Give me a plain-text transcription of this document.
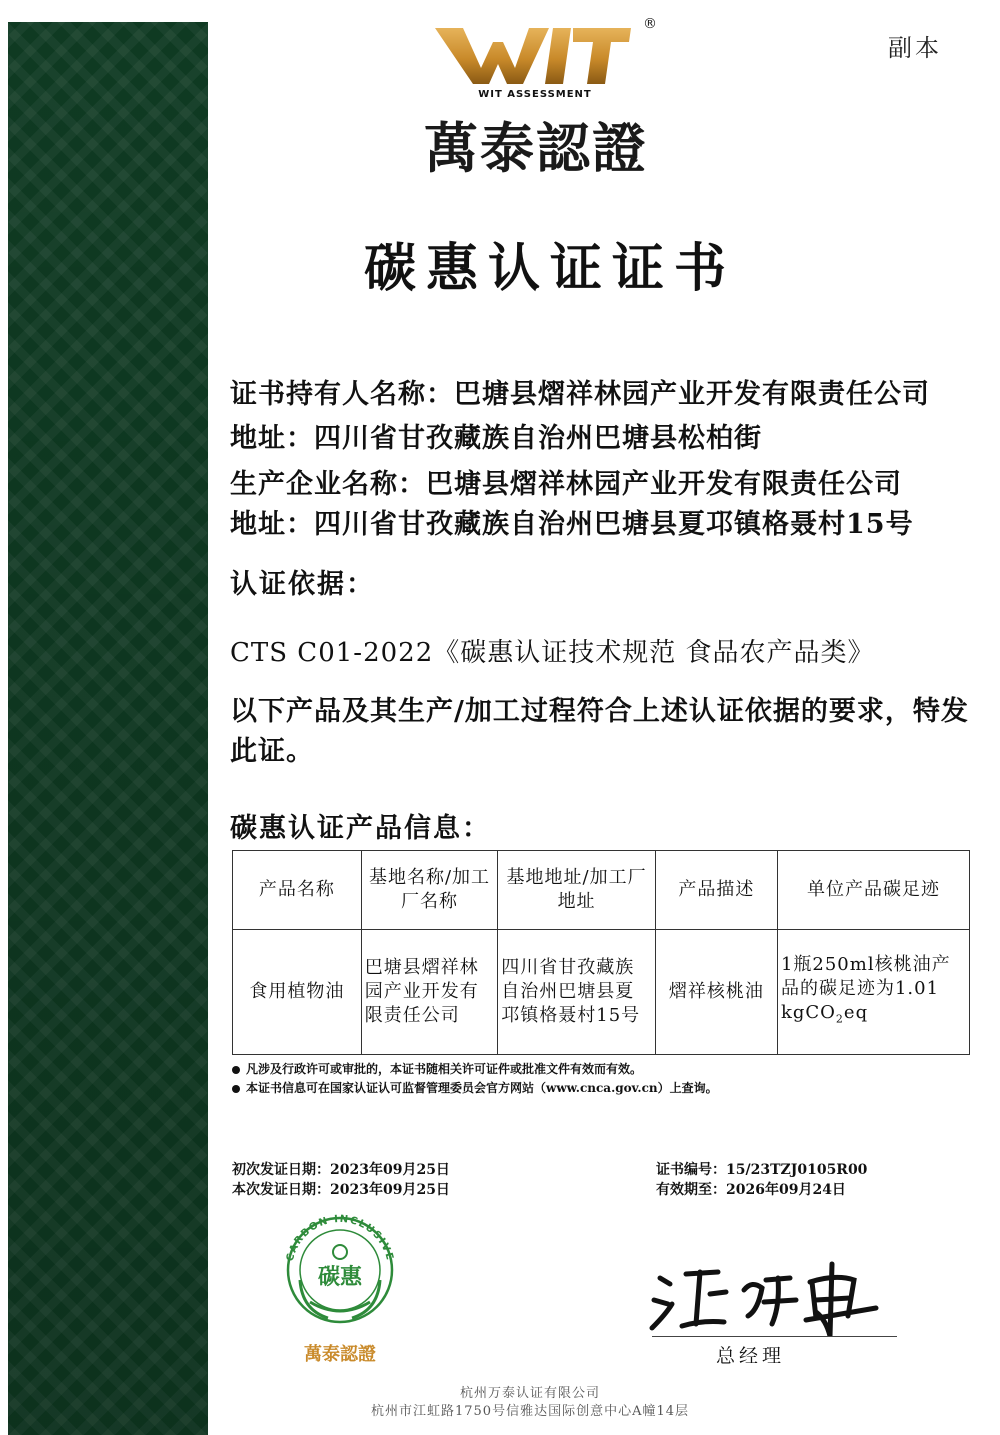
副本
®
WIT ASSESSMENT
萬泰認證
碳惠认证证书
证书持有人名称：巴塘县熠祥林园产业开发有限责任公司
地址：四川省甘孜藏族自治州巴塘县松柏街
生产企业名称：巴塘县熠祥林园产业开发有限责任公司
地址：四川省甘孜藏族自治州巴塘县夏邛镇格聂村15号
认证依据：
CTS C01-2022《碳惠认证技术规范 食品农产品类》
以下产品及其生产/加工过程符合上述认证依据的要求，特发此证。
碳惠认证产品信息：
产品名称	基地名称/加工厂名称	基地地址/加工厂地址	产品描述	单位产品碳足迹
食用植物油	巴塘县熠祥林园产业开发有限责任公司	四川省甘孜藏族自治州巴塘县夏邛镇格聂村15号	熠祥核桃油	1瓶250ml核桃油产品的碳足迹为1.01 kgCO$_2$eq
凡涉及行政许可或审批的，本证书随相关许可证件或批准文件有效而有效。
本证书信息可在国家认证认可监督管理委员会官方网站（www.cnca.gov.cn）上查询。
初次发证日期：2023年09月25日
本次发证日期：2023年09月25日
证书编号：15/23TZJ0105R00
有效期至：2026年09月24日
CARBON INCLUSIVE
碳惠
萬泰認證	总经理
杭州万泰认证有限公司
杭州市江虹路1750号信雅达国际创意中心A幢14层
